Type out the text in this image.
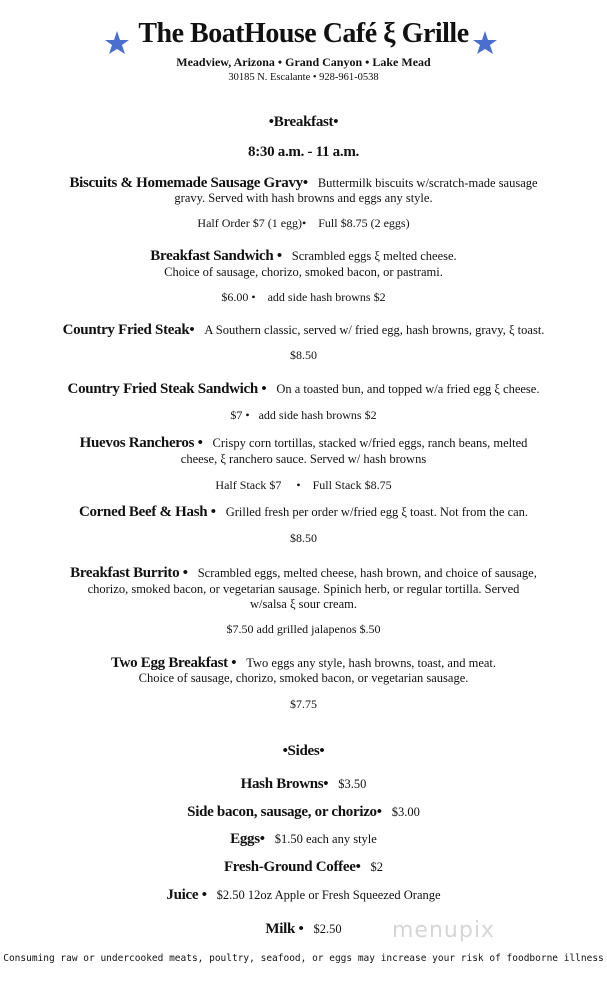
The BoatHouse Café ξ Grille
Meadview, Arizona • Grand Canyon • Lake Mead
30185 N. Escalante • 928-961-0538
•Breakfast•
8:30 a.m. - 11 a.m.
Biscuits & Homemade Sausage Gravy• Buttermilk biscuits w/scratch-made sausage
gravy. Served with hash browns and eggs any style.
Half Order $7 (1 egg)•    Full $8.75 (2 eggs)
Breakfast Sandwich • Scrambled eggs ξ melted cheese.
Choice of sausage, chorizo, smoked bacon, or pastrami.
$6.00 •    add side hash browns $2
Country Fried Steak• A Southern classic, served w/ fried egg, hash browns, gravy, ξ toast.
$8.50
Country Fried Steak Sandwich • On a toasted bun, and topped w/a fried egg ξ cheese.
$7 •   add side hash browns $2
Huevos Rancheros • Crispy corn tortillas, stacked w/fried eggs, ranch beans, melted
cheese, ξ ranchero sauce. Served w/ hash browns
Half Stack $7     •    Full Stack $8.75
Corned Beef & Hash • Grilled fresh per order w/fried egg ξ toast. Not from the can.
$8.50
Breakfast Burrito • Scrambled eggs, melted cheese, hash brown, and choice of sausage,
chorizo, smoked bacon, or vegetarian sausage. Spinich herb, or regular tortilla. Served
w/salsa ξ sour cream.
$7.50 add grilled jalapenos $.50
Two Egg Breakfast • Two eggs any style, hash browns, toast, and meat.
Choice of sausage, chorizo, smoked bacon, or vegetarian sausage.
$7.75
•Sides•
Hash Browns• $3.50
Side bacon, sausage, or chorizo• $3.00
Eggs• $1.50 each any style
Fresh-Ground Coffee• $2
Juice • $2.50 12oz Apple or Fresh Squeezed Orange
Milk • $2.50	menupix
Consuming raw or undercooked meats, poultry, seafood, or eggs may increase your risk of foodborne illness
